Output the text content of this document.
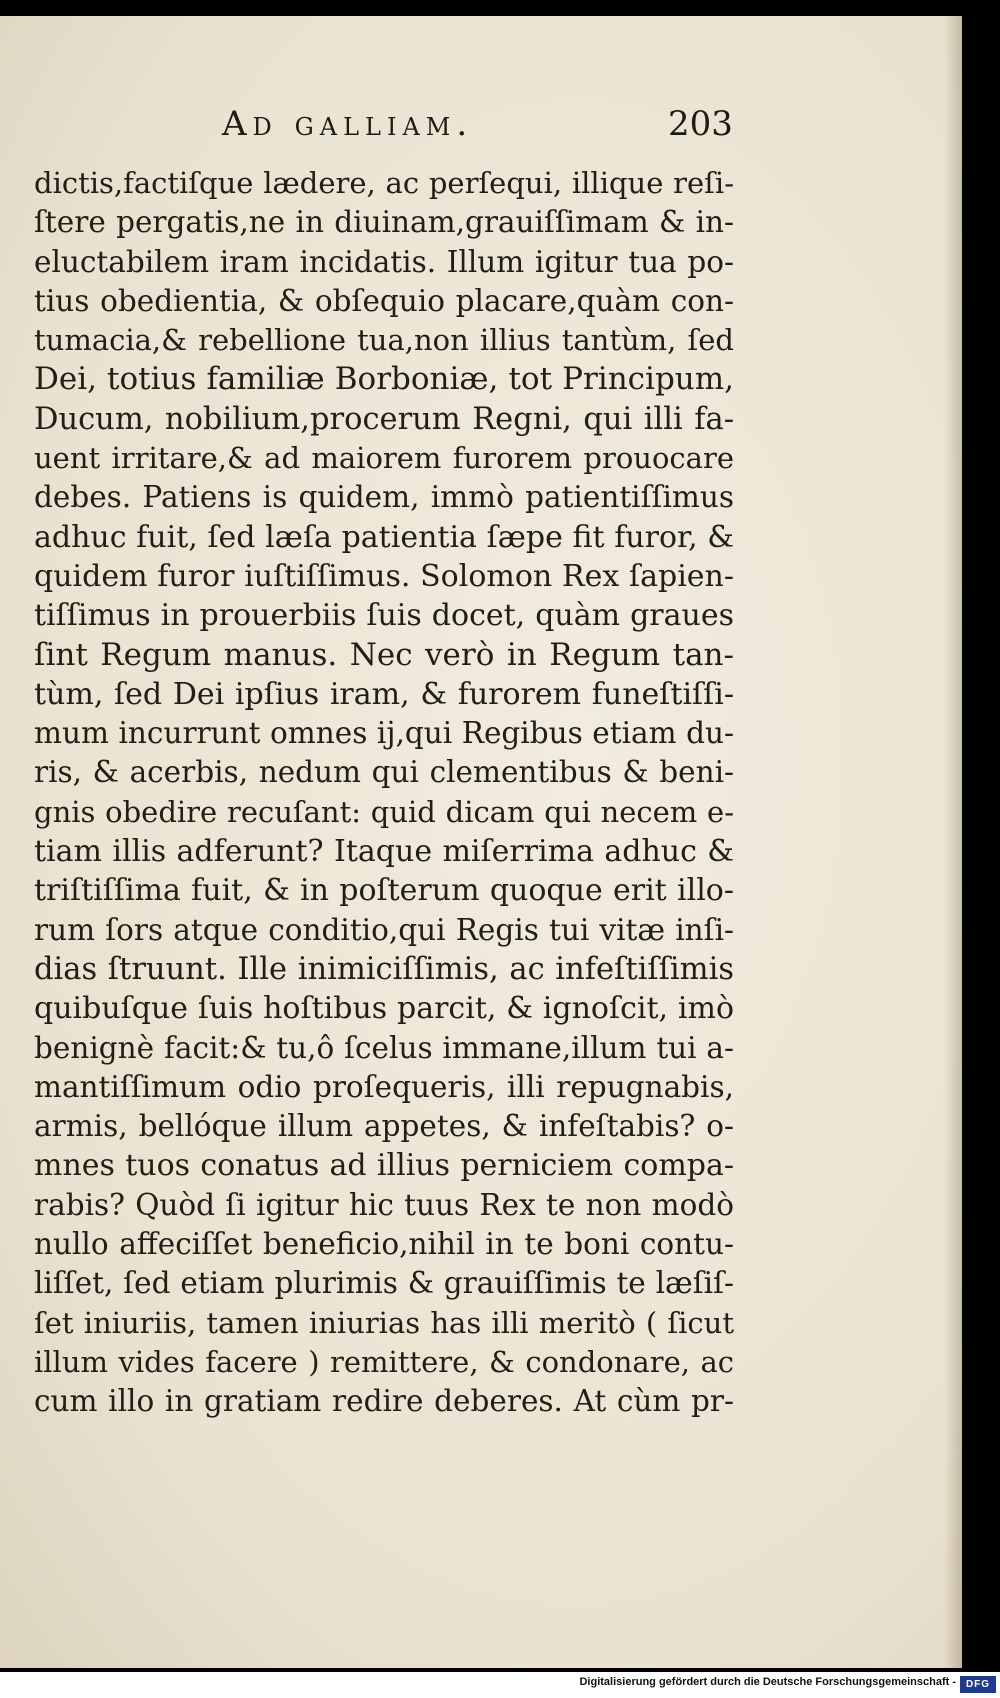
Ad galliam.	203
dictis,factiſque lædere, ac perſequi, illique reſi-
ſtere pergatis,ne in diuinam,grauiſſimam & in-
eluctabilem iram incidatis. Illum igitur tua po-
tius obedientia, & obſequio placare,quàm con-
tumacia,& rebellione tua,non illius tantùm, ſed
Dei, totius familiæ Borboniæ, tot Principum,
Ducum, nobilium,procerum Regni, qui illi fa-
uent irritare,& ad maiorem furorem prouocare
debes. Patiens is quidem, immò patientiſſimus
adhuc fuit, ſed læſa patientia ſæpe fit furor, &
quidem furor iuſtiſſimus. Solomon Rex ſapien-
tiſſimus in prouerbiis ſuis docet, quàm graues
ſint Regum manus. Nec verò in Regum tan-
tùm, ſed Dei ipſius iram, & furorem funeſtiſſi-
mum incurrunt omnes ij,qui Regibus etiam du-
ris, & acerbis, nedum qui clementibus & beni-
gnis obedire recuſant: quid dicam qui necem e-
tiam illis adferunt? Itaque miſerrima adhuc &
triſtiſſima fuit, & in poſterum quoque erit illo-
rum ſors atque conditio,qui Regis tui vitæ inſi-
dias ſtruunt. Ille inimiciſſimis, ac infeſtiſſimis
quibuſque ſuis hoſtibus parcit, & ignoſcit, imò
benignè facit:& tu,ô ſcelus immane,illum tui a-
mantiſſimum odio proſequeris, illi repugnabis,
armis, bellóque illum appetes, & infeſtabis? o-
mnes tuos conatus ad illius perniciem compa-
rabis? Quòd ſi igitur hic tuus Rex te non modò
nullo affeciſſet beneficio,nihil in te boni contu-
liſſet, ſed etiam plurimis & grauiſſimis te læſiſ-
ſet iniuriis, tamen iniurias has illi meritò ( ſicut
illum vides facere ) remittere, & condonare, ac
cum illo in gratiam redire deberes. At cùm pr-
Digitalisierung gefördert durch die Deutsche Forschungsgemeinschaft - DFG
